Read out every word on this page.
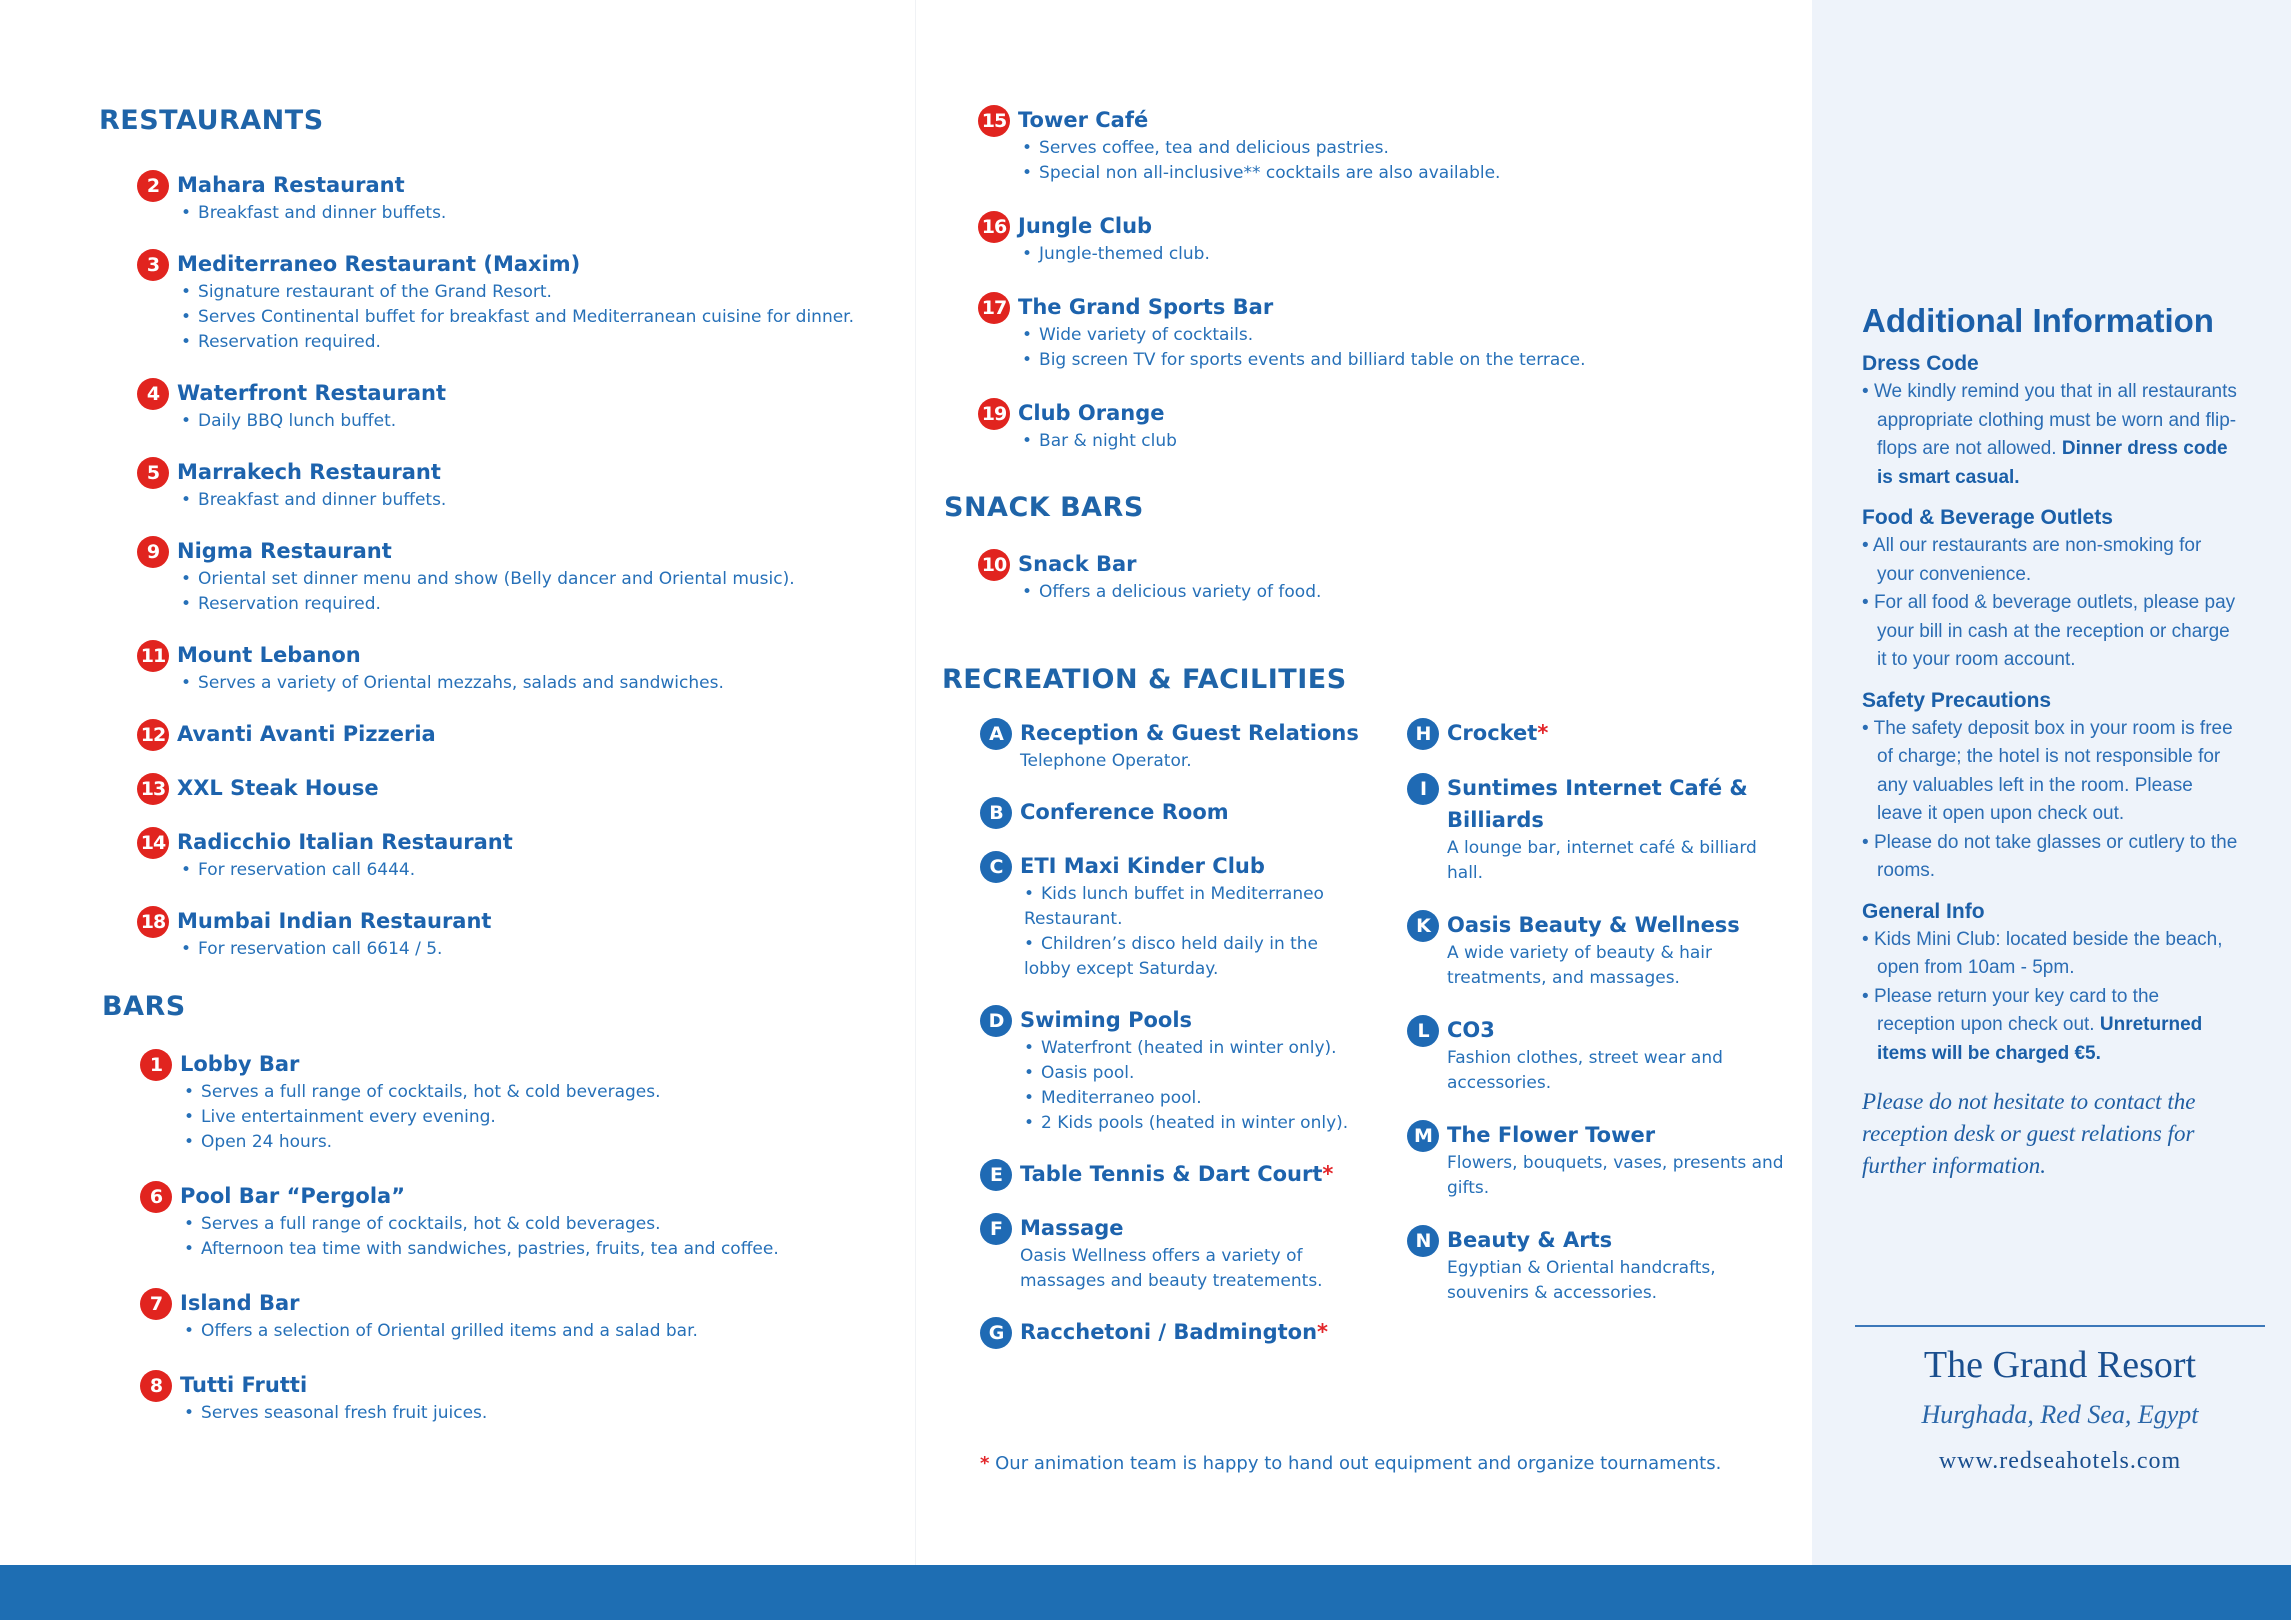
RESTAURANTS
2 Mahara Restaurant
• Breakfast and dinner buffets.
3 Mediterraneo Restaurant (Maxim)
• Signature restaurant of the Grand Resort.
• Serves Continental buffet for breakfast and Mediterranean cuisine for dinner.
• Reservation required.
4 Waterfront Restaurant
• Daily BBQ lunch buffet.
5 Marrakech Restaurant
• Breakfast and dinner buffets.
9 Nigma Restaurant
• Oriental set dinner menu and show (Belly dancer and Oriental music).
• Reservation required.
11 Mount Lebanon
• Serves a variety of Oriental mezzahs, salads and sandwiches.
12 Avanti Avanti Pizzeria
13 XXL Steak House
14 Radicchio Italian Restaurant
• For reservation call 6444.
18 Mumbai Indian Restaurant
• For reservation call 6614 / 5.
BARS
1 Lobby Bar
• Serves a full range of cocktails, hot & cold beverages.
• Live entertainment every evening.
• Open 24 hours.
6 Pool Bar “Pergola”
• Serves a full range of cocktails, hot & cold beverages.
• Afternoon tea time with sandwiches, pastries, fruits, tea and coffee.
7 Island Bar
• Offers a selection of Oriental grilled items and a salad bar.
8 Tutti Frutti
• Serves seasonal fresh fruit juices.
15 Tower Café
• Serves coffee, tea and delicious pastries.
• Special non all-inclusive** cocktails are also available.
16 Jungle Club
• Jungle-themed club.
17 The Grand Sports Bar
• Wide variety of cocktails.
• Big screen TV for sports events and billiard table on the terrace.
19 Club Orange
• Bar & night club
SNACK BARS
10 Snack Bar
• Offers a delicious variety of food.
RECREATION & FACILITIES
A Reception & Guest Relations
Telephone Operator.
B Conference Room
C ETI Maxi Kinder Club
• Kids lunch buffet in Mediterraneo Restaurant.
• Children’s disco held daily in the lobby except Saturday.
D Swiming Pools
• Waterfront (heated in winter only).
• Oasis pool.
• Mediterraneo pool.
• 2 Kids pools (heated in winter only).
E Table Tennis & Dart Court*
F Massage
Oasis Wellness offers a variety of massages and beauty treatements.
G Racchetoni / Badmington*
H Crocket*
I Suntimes Internet Café & Billiards
A lounge bar, internet café & billiard hall.
K Oasis Beauty & Wellness
A wide variety of beauty & hair treatments, and massages.
L CO3
Fashion clothes, street wear and accessories.
M The Flower Tower
Flowers, bouquets, vases, presents and gifts.
N Beauty & Arts
Egyptian & Oriental handcrafts, souvenirs & accessories.
* Our animation team is happy to hand out equipment and organize tournaments.
Additional Information
Dress Code
• We kindly remind you that in all restaurants appropriate clothing must be worn and flip-flops are not allowed. Dinner dress code is smart casual.
Food & Beverage Outlets
• All our restaurants are non-smoking for your convenience.
• For all food & beverage outlets, please pay your bill in cash at the reception or charge it to your room account.
Safety Precautions
• The safety deposit box in your room is free of charge; the hotel is not responsible for any valuables left in the room. Please leave it open upon check out.
• Please do not take glasses or cutlery to the rooms.
General Info
• Kids Mini Club: located beside the beach, open from 10am - 5pm.
• Please return your key card to the reception upon check out. Unreturned items will be charged €5.
Please do not hesitate to contact the reception desk or guest relations for further information.
The Grand Resort
Hurghada, Red Sea, Egypt
www.redseahotels.com
